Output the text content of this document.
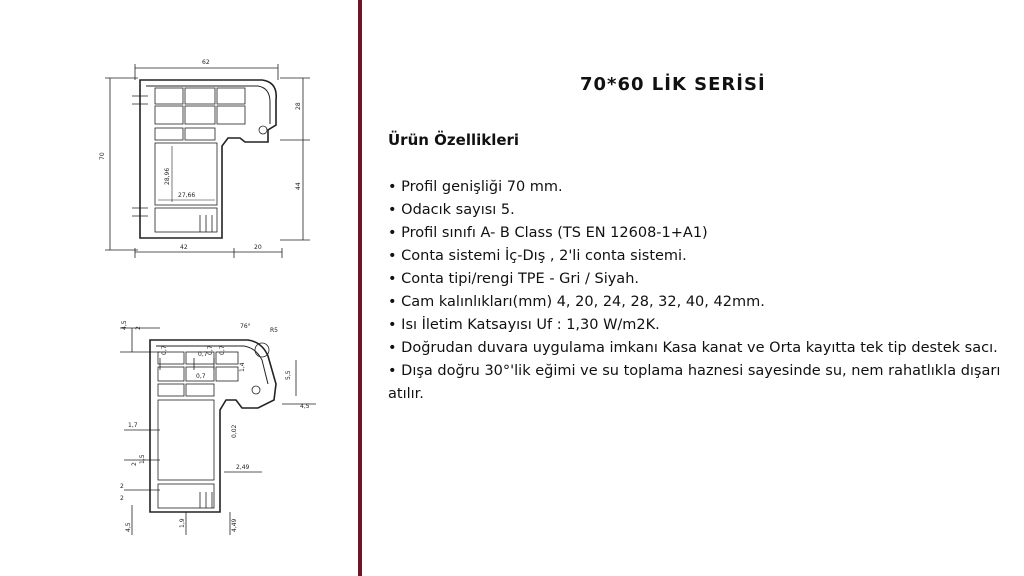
62
70
28
44
42	20
28,96
27,66
4,5 2
0,7	0,7 0,7 0,7
0,7
76°
R5
1,4
5,5
4,5
1,7
1,5
2,49
2
1,9	4,49
4,5
2
2
0,02
70*60 LİK SERİSİ
Ürün Özellikleri
• Profil genişliği 70 mm.
• Odacık sayısı 5.
• Profil sınıfı A- B Class (TS EN 12608-1+A1)
• Conta sistemi İç-Dış , 2'li conta sistemi.
• Conta tipi/rengi TPE - Gri / Siyah.
• Cam kalınlıkları(mm) 4, 20, 24, 28, 32, 40, 42mm.
• Isı İletim Katsayısı Uf : 1,30 W/m2K.
• Doğrudan duvara uygulama imkanı Kasa kanat ve Orta kayıtta tek tip destek sacı.
• Dışa doğru 30°'lik eğimi ve su toplama haznesi sayesinde su, nem rahatlıkla dışarı atılır.
